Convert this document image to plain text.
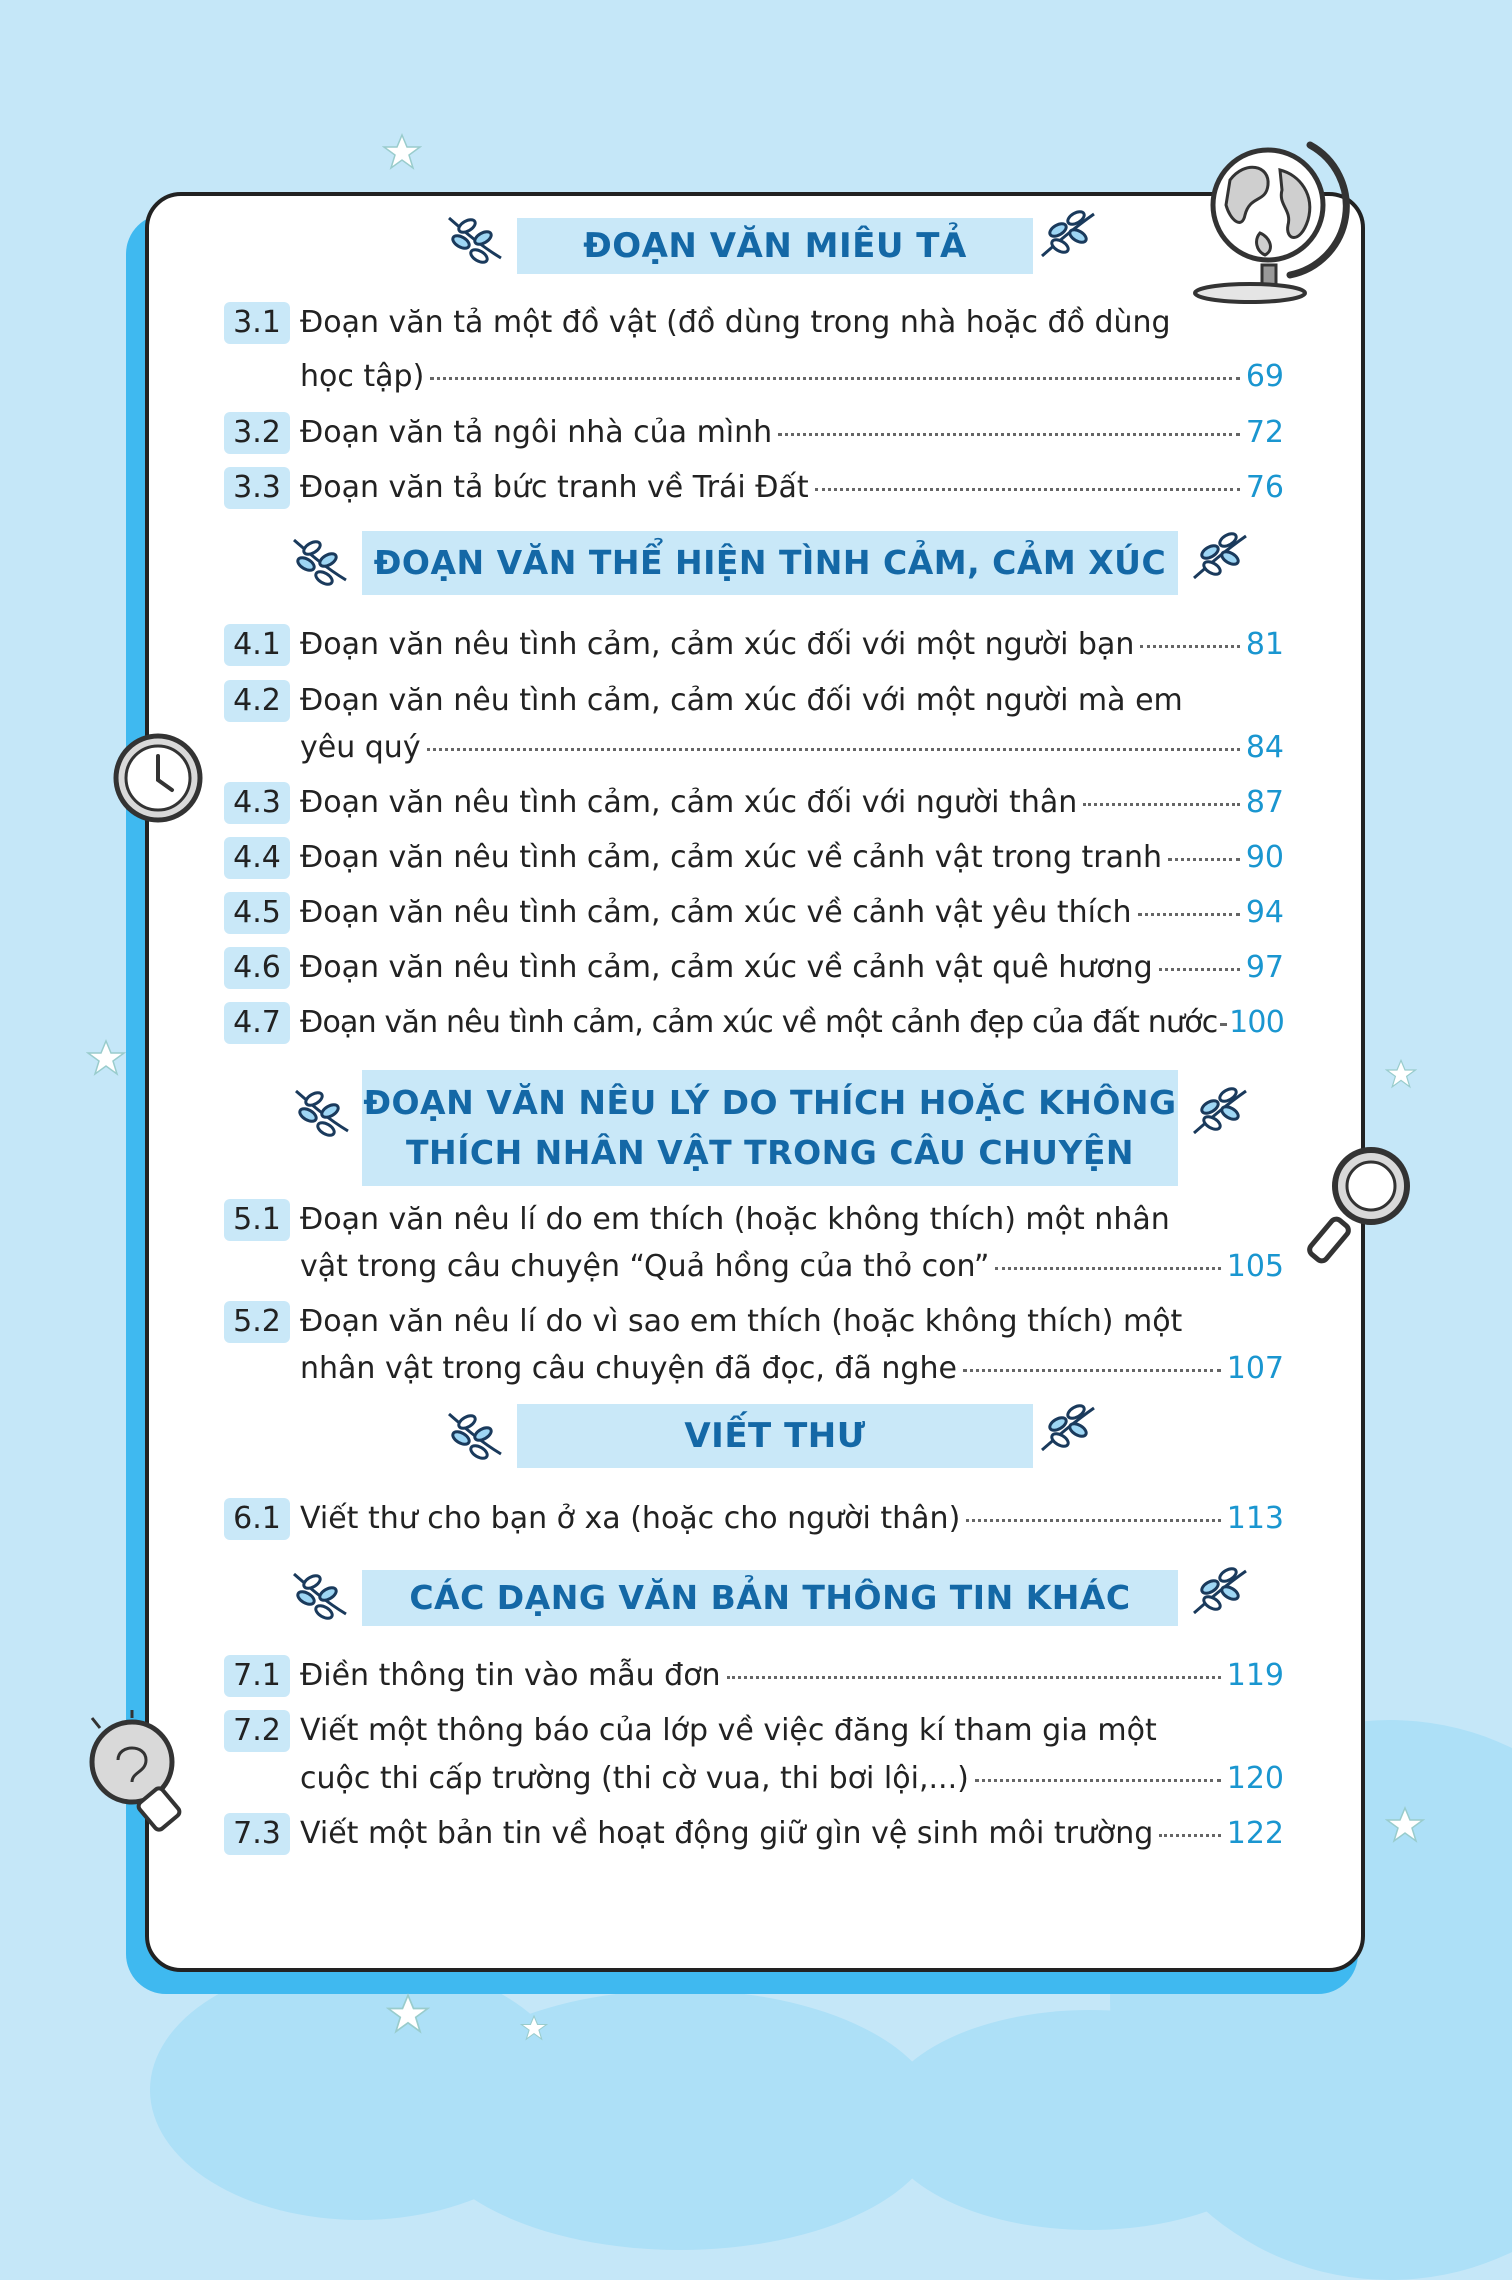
ĐOẠN VĂN MIÊU TẢ
3.1 Đoạn văn tả một đồ vật (đồ dùng trong nhà hoặc đồ dùng
học tập)	69
3.2 Đoạn văn tả ngôi nhà của mình	72
3.3 Đoạn văn tả bức tranh về Trái Đất	76
ĐOẠN VĂN THỂ HIỆN TÌNH CẢM, CẢM XÚC
4.1 Đoạn văn nêu tình cảm, cảm xúc đối với một người bạn	81
4.2 Đoạn văn nêu tình cảm, cảm xúc đối với một người mà em
yêu quý	84
4.3 Đoạn văn nêu tình cảm, cảm xúc đối với người thân	87
4.4 Đoạn văn nêu tình cảm, cảm xúc về cảnh vật trong tranh	90
4.5 Đoạn văn nêu tình cảm, cảm xúc về cảnh vật yêu thích	94
4.6 Đoạn văn nêu tình cảm, cảm xúc về cảnh vật quê hương	97
4.7 Đoạn văn nêu tình cảm, cảm xúc về một cảnh đẹp của đất nước 100
ĐOẠN VĂN NÊU LÝ DO THÍCH HOẶC KHÔNG
THÍCH NHÂN VẬT TRONG CÂU CHUYỆN
5.1 Đoạn văn nêu lí do em thích (hoặc không thích) một nhân
vật trong câu chuyện “Quả hồng của thỏ con”	105
5.2 Đoạn văn nêu lí do vì sao em thích (hoặc không thích) một
nhân vật trong câu chuyện đã đọc, đã nghe	107
VIẾT THƯ
6.1 Viết thư cho bạn ở xa (hoặc cho người thân)	113
CÁC DẠNG VĂN BẢN THÔNG TIN KHÁC
7.1 Điền thông tin vào mẫu đơn	119
7.2 Viết một thông báo của lớp về việc đăng kí tham gia một
cuộc thi cấp trường (thi cờ vua, thi bơi lội,...)	120
7.3 Viết một bản tin về hoạt động giữ gìn vệ sinh môi trường 122
